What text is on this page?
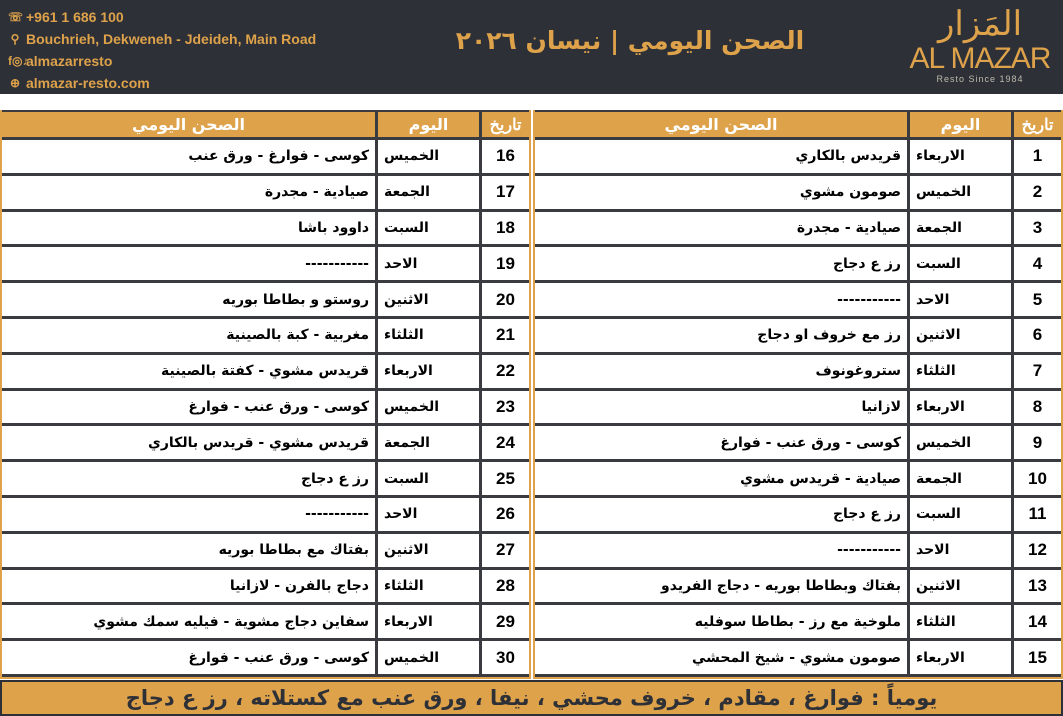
☏ +961 1 686 100
⚲ Bouchrieh, Dekweneh - Jdeideh, Main Road
f◎♪
almazarresto
⊕ almazar-resto.com
الصحن اليومي | نيسان ٢٠٢٦	المَزار
AL MAZAR
Resto Since 1984
تاريخ
اليوم
الصحن اليومي
1
الاربعاء
قريدس بالكاري
2
الخميس
صومون مشوي
3
الجمعة
صيادية - مجدرة
4
السبت
رز ع دجاج
5
الاحد
-----------
6
الاثنين
رز مع خروف او دجاج
7
الثلثاء
ستروغونوف
8
الاربعاء
لازانيا
9
الخميس
كوسى - ورق عنب - فوارغ
10
الجمعة
صيادية - قريدس مشوي
11
السبت
رز ع دجاج
12
الاحد
-----------
13
الاثنين
بفتاك وبطاطا بوريه - دجاج الفريدو
14
الثلثاء
ملوخية مع رز - بطاطا سوفليه
15
الاربعاء
صومون مشوي - شيخ المحشي
تاريخ
اليوم
الصحن اليومي
16
الخميس
كوسى - فوارغ - ورق عنب
17
الجمعة
صيادية - مجدرة
18
السبت
داوود باشا
19
الاحد
-----------
20
الاثنين
روستو و بطاطا بوريه
21
الثلثاء
مغربية - كبة بالصينية
22
الاربعاء
قريدس مشوي - كفتة بالصينية
23
الخميس
كوسى - ورق عنب - فوارغ
24
الجمعة
قريدس مشوي - قريدس بالكاري
25
السبت
رز ع دجاج
26
الاحد
-----------
27
الاثنين
بفتاك مع بطاطا بوريه
28
الثلثاء
دجاج بالفرن - لازانيا
29
الاربعاء
سفاين دجاج مشوية - فيليه سمك مشوي
30
الخميس
كوسى - ورق عنب - فوارغ
يومياً : فوارغ ، مقادم ، خروف محشي ، نيفا ، ورق عنب مع كستلاته ، رز ع دجاج
